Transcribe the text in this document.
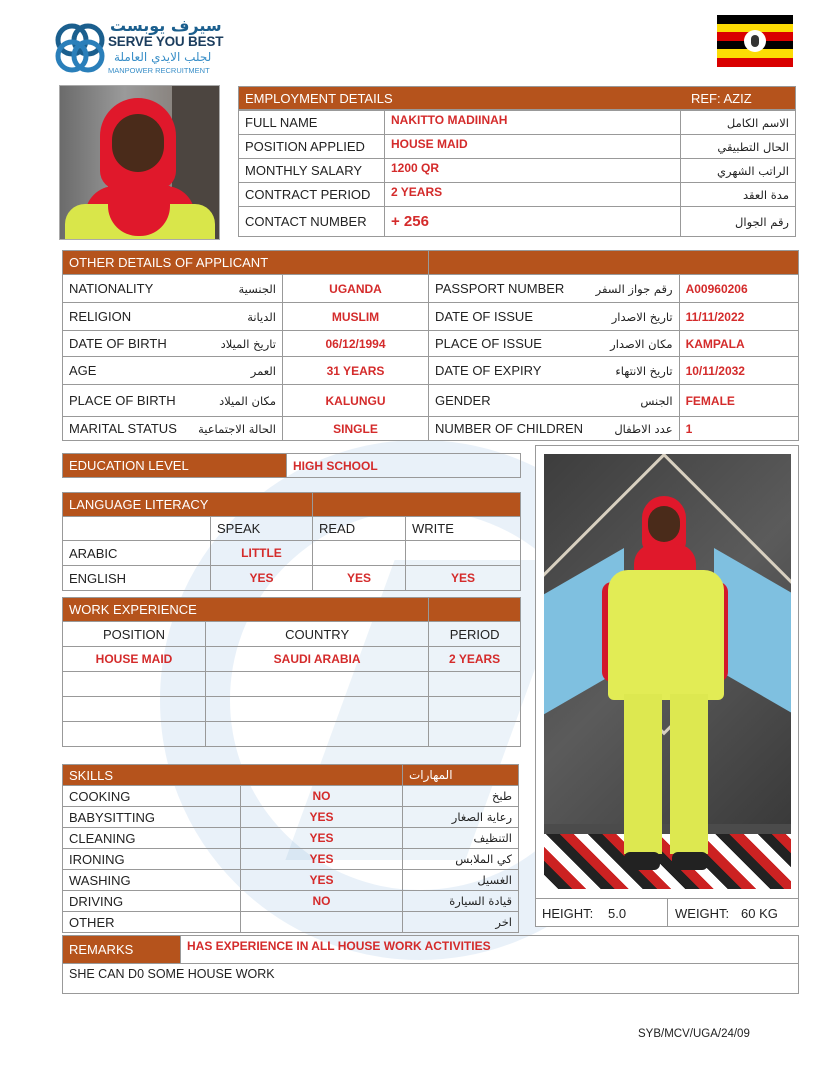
سيرف يوبست
SERVE YOU BEST
لجلب الايدي العاملة
MANPOWER RECRUITMENT
EMPLOYMENT DETAILS	REF: AZIZ
FULL NAME	NAKITTO MADIINAH	الاسم الكامل
POSITION APPLIED	HOUSE MAID	الحال التطبيقي
MONTHLY SALARY	1200 QR	الراتب الشهري
CONTRACT PERIOD	2 YEARS	مدة العقد
CONTACT NUMBER	+ 256	رقم الجوال
OTHER DETAILS OF APPLICANT					
NATIONALITY	الجنسية	UGANDA	PASSPORT NUMBER	رقم جواز السفر	A00960206
RELIGION	الديانة	MUSLIM	DATE OF ISSUE	تاريخ الاصدار	11/11/2022
DATE OF BIRTH	تاريخ الميلاد	06/12/1994	PLACE OF ISSUE	مكان الاصدار	KAMPALA
AGE	العمر	31 YEARS	DATE OF EXPIRY	تاريخ الانتهاء	10/11/2032
PLACE OF BIRTH	مكان الميلاد	KALUNGU	GENDER	الجنس	FEMALE
MARITAL STATUS	الحالة الاجتماعية	SINGLE	NUMBER OF CHILDREN	عدد الاطفال	1
EDUCATION LEVEL	HIGH SCHOOL
LANGUAGE LITERACY			
	SPEAK	READ	WRITE
ARABIC	LITTLE		
ENGLISH	YES	YES	YES
WORK EXPERIENCE		
POSITION	COUNTRY	PERIOD
HOUSE MAID	SAUDI ARABIA	2 YEARS

SKILLS		المهارات
COOKING	NO	طبخ
BABYSITTING	YES	رعاية الصغار
CLEANING	YES	التنظيف
IRONING	YES	كي الملابس
WASHING	YES	الغسيل
DRIVING	NO	قيادة السيارة
OTHER		اخر
HEIGHT: 5.0	WEIGHT: 60 KG
REMARKS	HAS EXPERIENCE IN ALL HOUSE WORK ACTIVITIES
SHE CAN D0 SOME HOUSE WORK
SYB/MCV/UGA/24/09
